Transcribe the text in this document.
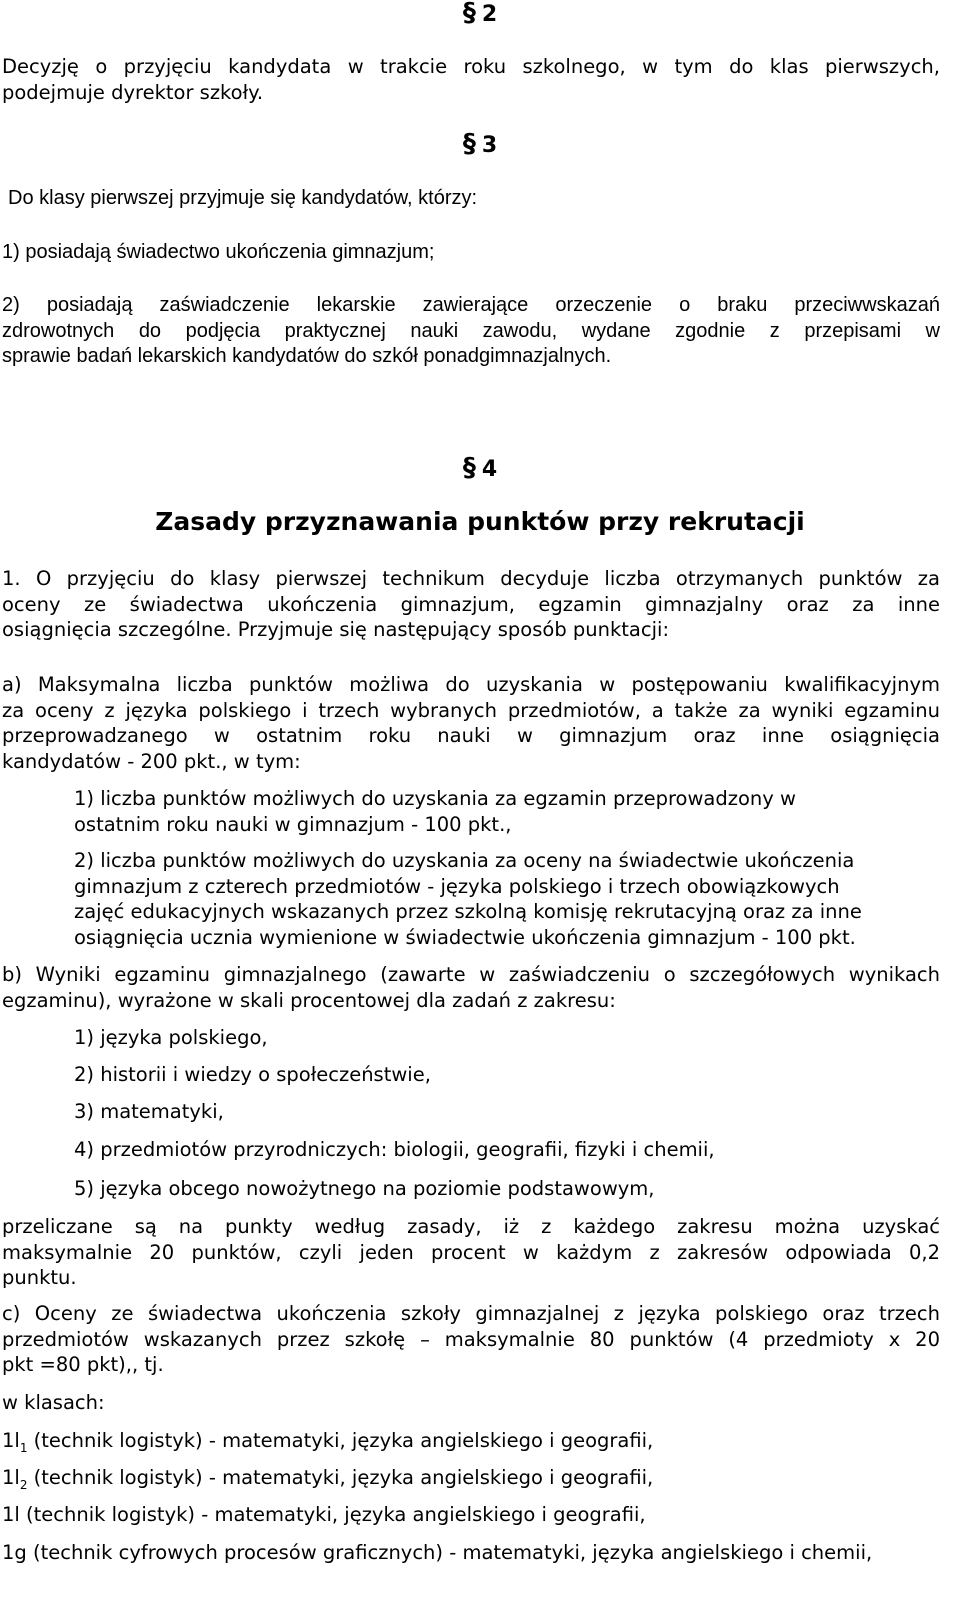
§ 2

Decyzję o przyjęciu kandydata w trakcie roku szkolnego, w tym do klas pierwszych,
podejmuje dyrektor szkoły.

§ 3

Do klasy pierwszej przyjmuje się kandydatów, którzy:

1) posiadają świadectwo ukończenia gimnazjum;

2) posiadają zaświadczenie lekarskie zawierające orzeczenie o braku przeciwwskazań
zdrowotnych do podjęcia praktycznej nauki zawodu, wydane zgodnie z przepisami w
sprawie badań lekarskich kandydatów do szkół ponadgimnazjalnych.

§ 4
Zasady przyznawania punktów przy rekrutacji

1. O przyjęciu do klasy pierwszej technikum decyduje liczba otrzymanych punktów za
oceny ze świadectwa ukończenia gimnazjum, egzamin gimnazjalny oraz za inne
osiągnięcia szczególne. Przyjmuje się następujący sposób punktacji:

a) Maksymalna liczba punktów możliwa do uzyskania w postępowaniu kwalifikacyjnym
za oceny z języka polskiego i trzech wybranych przedmiotów, a także za wyniki egzaminu
przeprowadzanego w ostatnim roku nauki w gimnazjum oraz inne osiągnięcia
kandydatów - 200 pkt., w tym:

1) liczba punktów możliwych do uzyskania za egzamin przeprowadzony w
ostatnim roku nauki w gimnazjum - 100 pkt.,

2) liczba punktów możliwych do uzyskania za oceny na świadectwie ukończenia
gimnazjum z czterech przedmiotów - języka polskiego i trzech obowiązkowych
zajęć edukacyjnych wskazanych przez szkolną komisję rekrutacyjną oraz za inne
osiągnięcia ucznia wymienione w świadectwie ukończenia gimnazjum - 100 pkt.

b) Wyniki egzaminu gimnazjalnego (zawarte w zaświadczeniu o szczegółowych wynikach
egzaminu), wyrażone w skali procentowej dla zadań z zakresu:

1) języka polskiego,

2) historii i wiedzy o społeczeństwie,

3) matematyki,

4) przedmiotów przyrodniczych: biologii, geografii, fizyki i chemii,

5) języka obcego nowożytnego na poziomie podstawowym,

przeliczane są na punkty według zasady, iż z każdego zakresu można uzyskać
maksymalnie 20 punktów, czyli jeden procent w każdym z zakresów odpowiada 0,2
punktu.

c) Oceny ze świadectwa ukończenia szkoły gimnazjalnej z języka polskiego oraz trzech
przedmiotów wskazanych przez szkołę – maksymalnie 80 punktów (4 przedmioty x 20
pkt =80 pkt),, tj.

w klasach:

$1l_1$ (technik logistyk) - matematyki, języka angielskiego i geografii,

$1l_2$ (technik logistyk) - matematyki, języka angielskiego i geografii,

1l (technik logistyk) - matematyki, języka angielskiego i geografii,

1g (technik cyfrowych procesów graficznych) - matematyki, języka angielskiego i chemii,
